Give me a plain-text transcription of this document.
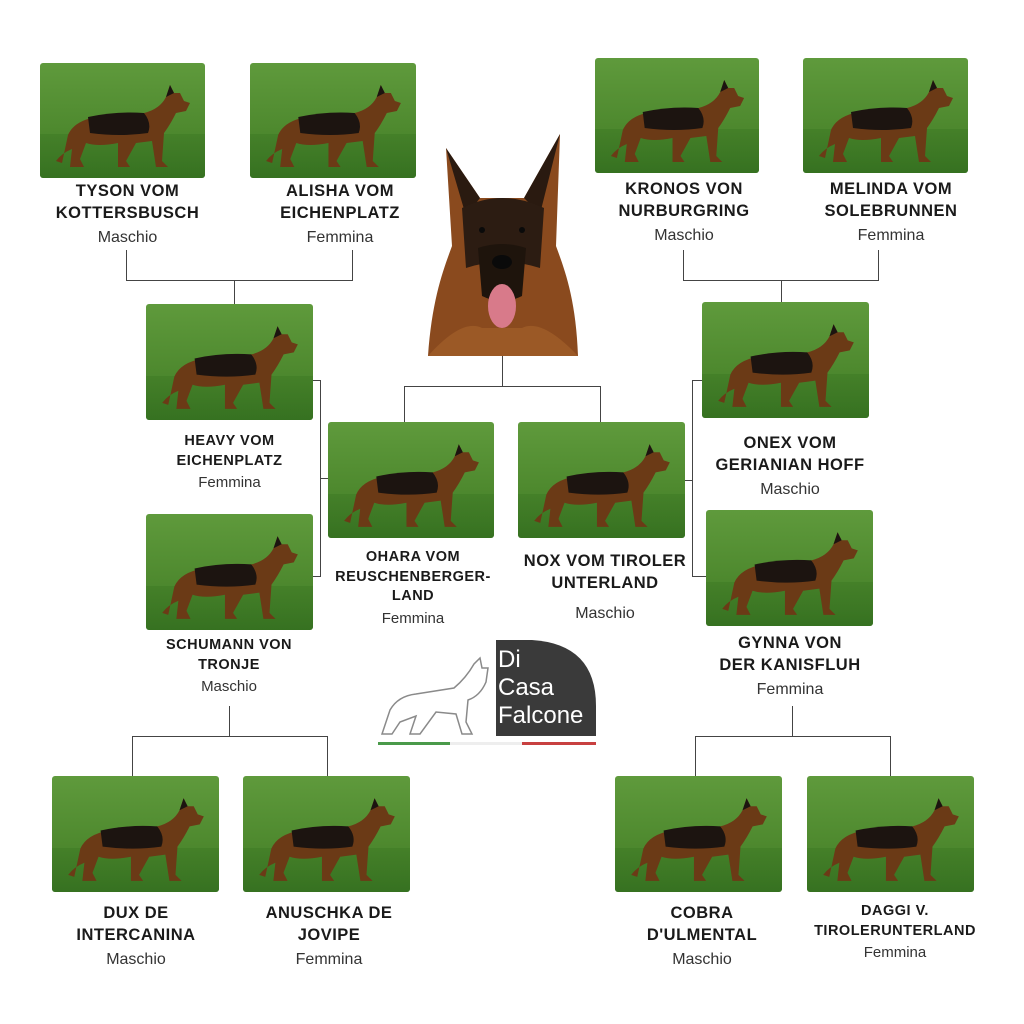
Di
Casa
Falcone
TYSON VOM
KOTTERSBUSCH
Maschio
ALISHA VOM
EICHENPLATZ
Femmina
KRONOS VON
NURBURGRING
Maschio
MELINDA VOM
SOLEBRUNNEN
Femmina
HEAVY VOM
EICHENPLATZ
Femmina
ONEX VOM
GERIANIAN HOFF
Maschio
OHARA VOM
REUSCHENBERGER-
LAND
Femmina
NOX VOM TIROLER
UNTERLAND
Maschio
SCHUMANN VON
TRONJE
Maschio
GYNNA VON
DER KANISFLUH
Femmina
DUX DE
INTERCANINA
Maschio
ANUSCHKA DE
JOVIPE
Femmina
COBRA
D'ULMENTAL
Maschio
DAGGI V.
TIROLERUNTERLAND
Femmina
